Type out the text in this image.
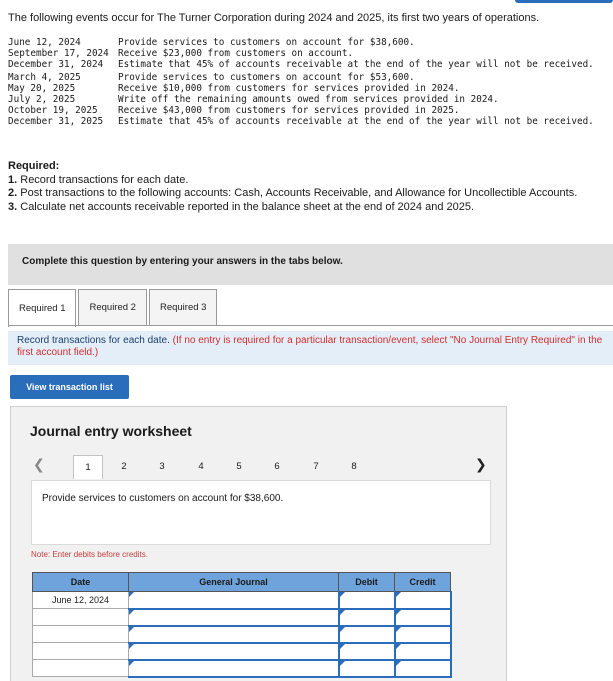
The following events occur for The Turner Corporation during 2024 and 2025, its first two years of operations.
June 12, 2024	Provide services to customers on account for $38,600.
September 17, 2024 Receive $23,000 from customers on account.
December 31, 2024	Estimate that 45% of accounts receivable at the end of the year will not be received.
March 4, 2025	Provide services to customers on account for $53,600.
May 20, 2025	Receive $10,000 from customers for services provided in 2024.
July 2, 2025	Write off the remaining amounts owed from services provided in 2024.
October 19, 2025	Receive $43,000 from customers for services provided in 2025.
December 31, 2025	Estimate that 45% of accounts receivable at the end of the year will not be received.
Required:
1. Record transactions for each date.
2. Post transactions to the following accounts: Cash, Accounts Receivable, and Allowance for Uncollectible Accounts.
3. Calculate net accounts receivable reported in the balance sheet at the end of 2024 and 2025.
Complete this question by entering your answers in the tabs below.
Required 1	Required 2	Required 3
Record transactions for each date. (If no entry is required for a particular transaction/event, select "No Journal Entry Required" in the first account field.)
View transaction list
Journal entry worksheet
❮	1	2	3	4	5	6	7	8	❯
Provide services to customers on account for $38,600.
Note: Enter debits before credits.
Date	General Journal	Debit	Credit
June 12, 2024			
